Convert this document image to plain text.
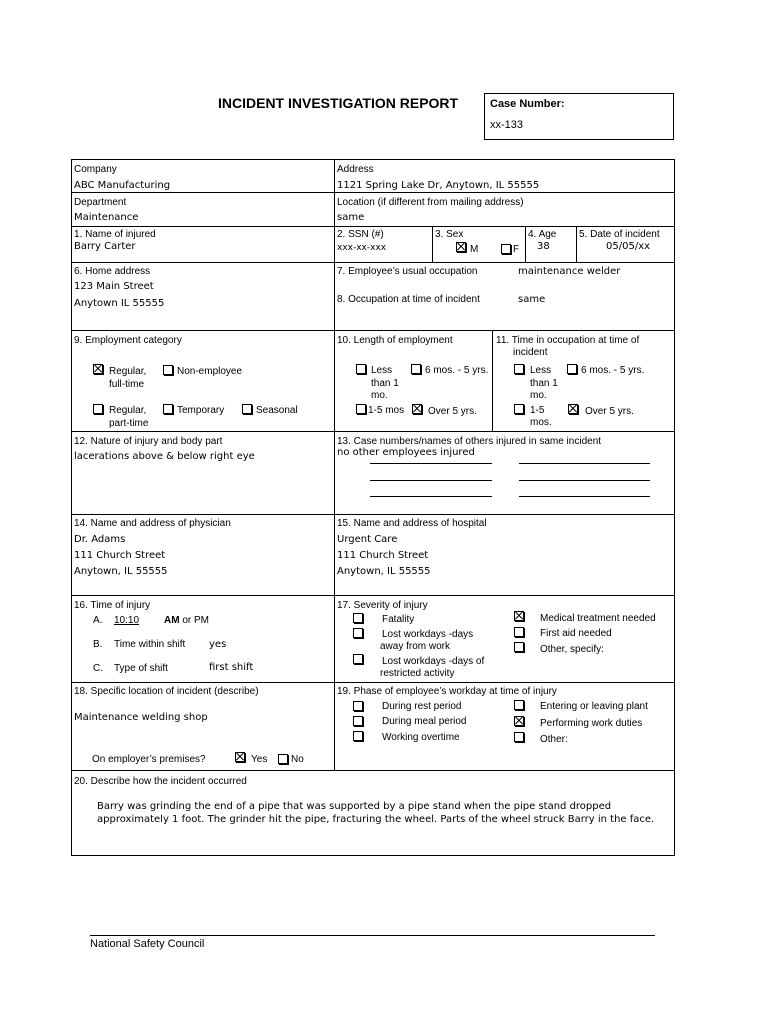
INCIDENT INVESTIGATION REPORT	Case Number:
xx-133
Company
ABC Manufacturing
Address
1121 Spring Lake Dr, Anytown, IL 55555
Department
Maintenance
Location (if different from mailing address)
same
1. Name of injured
Barry Carter
2. SSN (#)
xxx-xx-xxx
3. Sex
M	F
4. Age
38
5. Date of incident
05/05/xx
6. Home address
123 Main Street
Anytown IL 55555
7. Employee’s usual occupation	maintenance welder
8. Occupation at time of incident	same
9. Employment category
Regular,
full-time
Non-employee
Regular,
part-time
Temporary	Seasonal
10. Length of employment
Less
than 1
mo.
6 mos. - 5 yrs.
1-5 mos Over 5 yrs.
11. Time in occupation at time of
incident
Less
than 1
mo.
6 mos. - 5 yrs.
1-5
mos.
Over 5 yrs.
12. Nature of injury and body part
lacerations above & below right eye
13. Case numbers/names of others injured in same incident
no other employees injured
14. Name and address of physician
Dr. Adams
111 Church Street
Anytown, IL 55555
15. Name and address of hospital
Urgent Care
111 Church Street
Anytown, IL 55555
16. Time of injury
A. 10:10 AM or PM
B. Time within shift yes
C. Type of shift	first shift
17. Severity of injury
Fatality
Lost workdays -days
away from work
Lost workdays -days of
restricted activity
Medical treatment needed
First aid needed
Other, specify:
18. Specific location of incident (describe)
Maintenance welding shop
On employer’s premises?	Yes No
19. Phase of employee’s workday at time of injury
During rest period
During meal period
Working overtime
Entering or leaving plant
Performing work duties
Other:
20. Describe how the incident occurred
Barry was grinding the end of a pipe that was supported by a pipe stand when the pipe stand dropped
approximately 1 foot. The grinder hit the pipe, fracturing the wheel. Parts of the wheel struck Barry in the face.
National Safety Council
